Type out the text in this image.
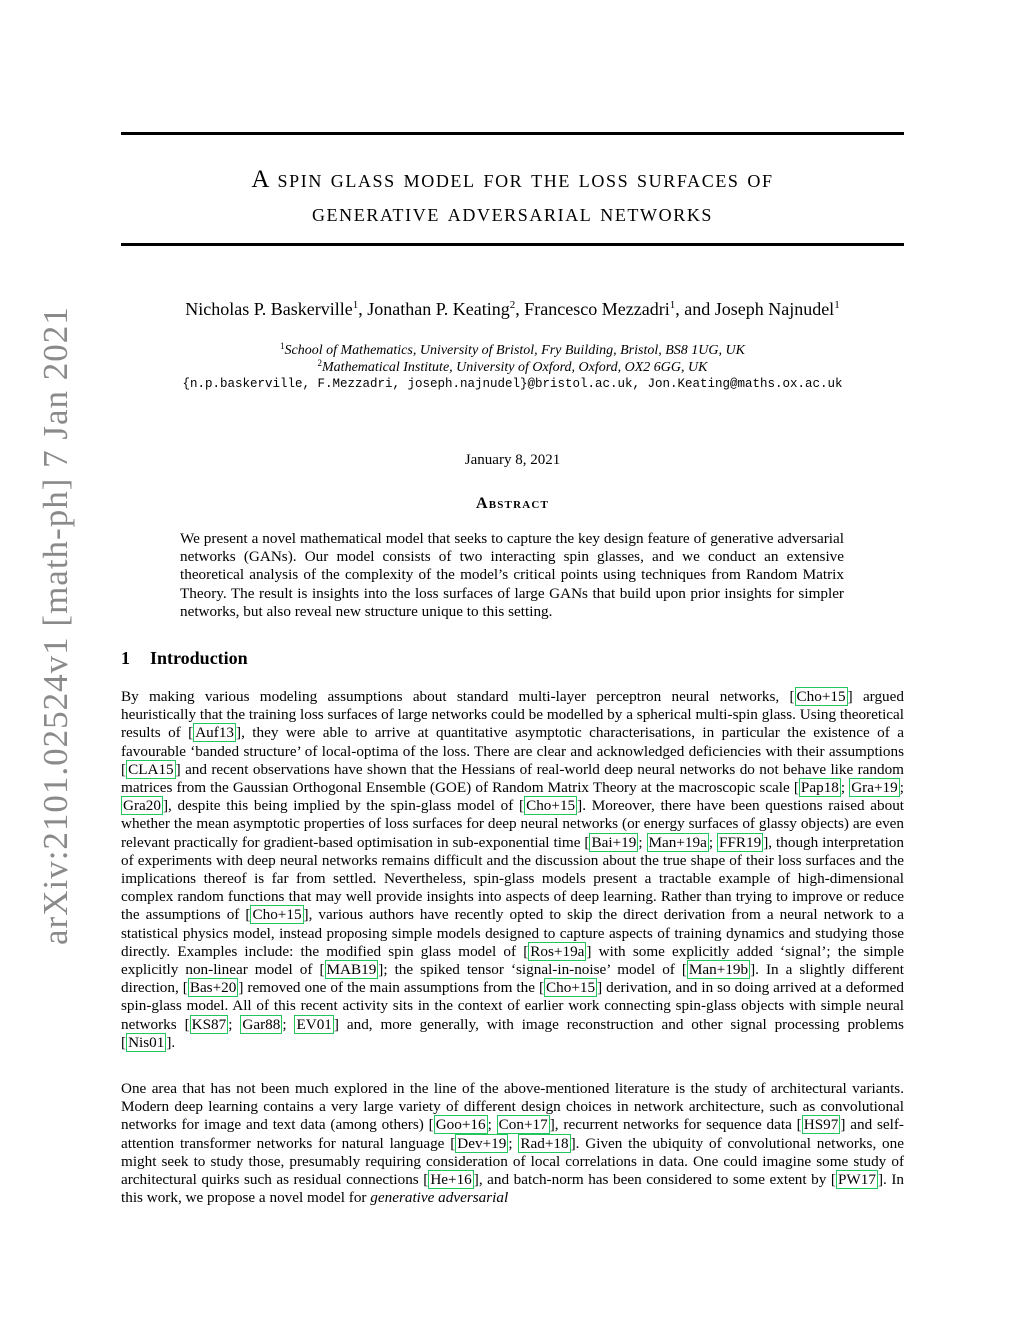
arXiv:2101.02524v1 [math-ph] 7 Jan 2021
A spin glass model for the loss surfaces of
generative adversarial networks
Nicholas P. Baskerville$^1$, Jonathan P. Keating$^2$, Francesco Mezzadri$^1$, and Joseph Najnudel$^1$
$^1$School of Mathematics, University of Bristol, Fry Building, Bristol, BS8 1UG, UK
$^2$Mathematical Institute, University of Oxford, Oxford, OX2 6GG, UK
{n.p.baskerville, F.Mezzadri, joseph.najnudel}@bristol.ac.uk, Jon.Keating@maths.ox.ac.uk
January 8, 2021
Abstract
We present a novel mathematical model that seeks to capture the key design feature of generative adversarial networks (GANs). Our model consists of two interacting spin glasses, and we conduct an extensive theoretical analysis of the complexity of the model’s critical points using techniques from Random Matrix Theory. The result is insights into the loss surfaces of large GANs that build upon prior insights for simpler networks, but also reveal new structure unique to this setting.
1 Introduction
By making various modeling assumptions about standard multi-layer perceptron neural networks, [ Cho+15 ] argued heuristically that the training loss surfaces of large networks could be modelled by a spherical multi-spin glass. Using theoretical results of [ Auf13 ], they were able to arrive at quantitative asymptotic characterisations, in particular the existence of a favourable ‘banded structure’ of local-optima of the loss. There are clear and acknowledged deficiencies with their assumptions [ CLA15 ] and recent observations have shown that the Hessians of real-world deep neural networks do not behave like random matrices from the Gaussian Orthogonal Ensemble (GOE) of Random Matrix Theory at the macroscopic scale [ Pap18 ; Gra+19 ; Gra20 ], despite this being implied by the spin-glass model of [ Cho+15 ]. Moreover, there have been questions raised about whether the mean asymptotic properties of loss surfaces for deep neural networks (or energy surfaces of glassy objects) are even relevant practically for gradient-based optimisation in sub-exponential time [ Bai+19 ; Man+19a ; FFR19 ], though interpretation of experiments with deep neural networks remains difficult and the discussion about the true shape of their loss surfaces and the implications thereof is far from settled. Nevertheless, spin-glass models present a tractable example of high-dimensional complex random functions that may well provide insights into aspects of deep learning. Rather than trying to improve or reduce the assumptions of [ Cho+15 ], various authors have recently opted to skip the direct derivation from a neural network to a statistical physics model, instead proposing simple models designed to capture aspects of training dynamics and studying those directly. Examples include: the modified spin glass model of [ Ros+19a ] with some explicitly added ‘signal’; the simple explicitly non-linear model of [ MAB19 ]; the spiked tensor ‘signal-in-noise’ model of [ Man+19b ]. In a slightly different direction, [ Bas+20 ] removed one of the main assumptions from the [ Cho+15 ] derivation, and in so doing arrived at a deformed spin-glass model. All of this recent activity sits in the context of earlier work connecting spin-glass objects with simple neural networks [ KS87 ; Gar88 ; EV01 ] and, more generally, with image reconstruction and other signal processing problems [ Nis01 ].
One area that has not been much explored in the line of the above-mentioned literature is the study of architectural variants. Modern deep learning contains a very large variety of different design choices in network architecture, such as convolutional networks for image and text data (among others) [ Goo+16 ; Con+17 ], recurrent networks for sequence data [ HS97 ] and self-attention transformer networks for natural language [ Dev+19 ; Rad+18 ]. Given the ubiquity of convolutional networks, one might seek to study those, presumably requiring consideration of local correlations in data. One could imagine some study of architectural quirks such as residual connections [ He+16 ], and batch-norm has been considered to some extent by [ PW17 ]. In this work, we propose a novel model for generative adversarial
